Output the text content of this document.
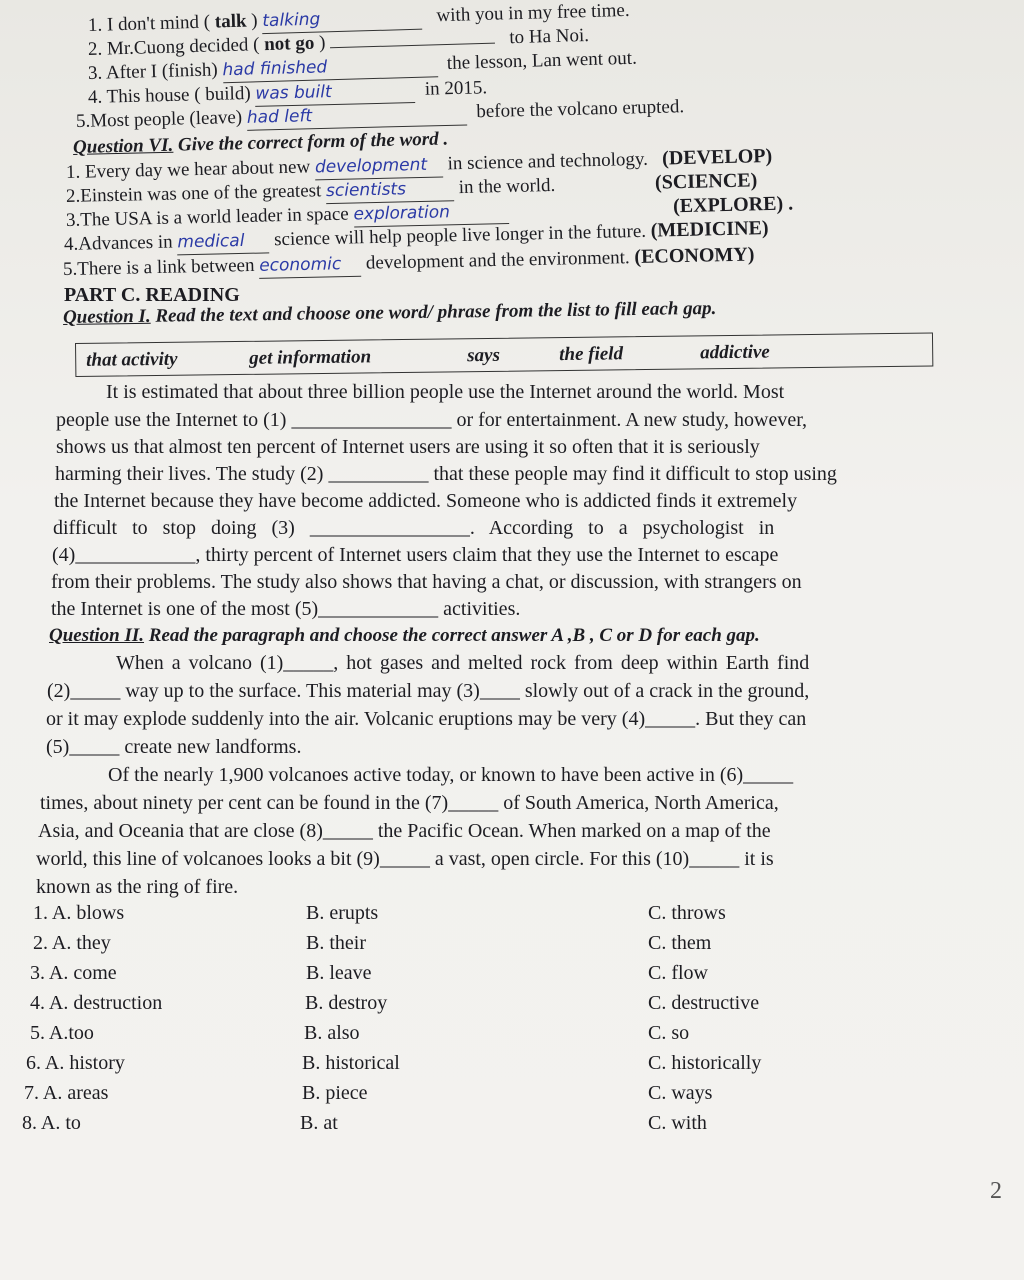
1. I don't mind ( talk ) talking	with you in my free time.
2. Mr.Cuong decided ( not go )	to Ha Noi.
3. After I (finish) had finished	the lesson, Lan went out.
4. This house ( build) was built	in 2015.
5.Most people (leave) had left	before the volcano erupted.
Question VI. Give the correct form of the word .
1. Every day we hear about new development in science and technology. (DEVELOP)
2.Einstein was one of the greatest scientists	in the world.	(SCIENCE)
3.The USA is a world leader in space exploration	(EXPLORE) .
4.Advances in medical science will help people live longer in the future. (MEDICINE)
5.There is a link between economic development and the environment. (ECONOMY)
PART C. READING
Question I. Read the text and choose one word/ phrase from the list to fill each gap.
that activity	get information	says	the field	addictive
It is estimated that about three billion people use the Internet around the world. Most
people use the Internet to (1) ________________ or for entertainment. A new study, however,
shows us that almost ten percent of Internet users are using it so often that it is seriously
harming their lives. The study (2) __________ that these people may find it difficult to stop using
the Internet because they have become addicted. Someone who is addicted finds it extremely
difficult to stop doing (3) ________________. According to a psychologist in
(4)____________, thirty percent of Internet users claim that they use the Internet to escape
from their problems. The study also shows that having a chat, or discussion, with strangers on
the Internet is one of the most (5)____________ activities.
Question II. Read the paragraph and choose the correct answer A ,B , C or D for each gap.
When a volcano (1)_____, hot gases and melted rock from deep within Earth find
(2)_____ way up to the surface. This material may (3)____ slowly out of a crack in the ground,
or it may explode suddenly into the air. Volcanic eruptions may be very (4)_____. But they can
(5)_____ create new landforms.
Of the nearly 1,900 volcanoes active today, or known to have been active in (6)_____
times, about ninety per cent can be found in the (7)_____ of South America, North America,
Asia, and Oceania that are close (8)_____ the Pacific Ocean. When marked on a map of the
world, this line of volcanoes looks a bit (9)_____ a vast, open circle. For this (10)_____ it is
known as the ring of fire.
1. A. blows	B. erupts	C. throws
2. A. they	B. their	C. them
3. A. come	B. leave	C. flow
4. A. destruction	B. destroy	C. destructive
5. A.too	B. also	C. so
6. A. history	B. historical	C. historically
7. A. areas	B. piece	C. ways
8. A. to	B. at	C. with
2
